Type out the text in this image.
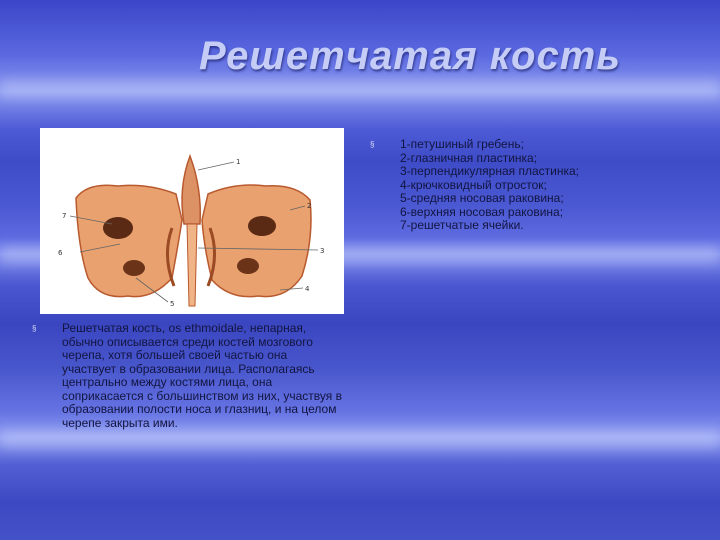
Решетчатая кость
1
2
3
4
5
6
7
§	Решетчатая кость, os ethmoidale, непарная, обычно описывается среди костей мозгового черепа, хотя большей своей частью она участвует в образовании лица. Располагаясь центрально между костями лица, она соприкасается с большинством из них, участвуя в образовании полости носа и глазниц, и на целом черепе закрыта ими.
§	1-петушиный гребень;
2-глазничная пластинка;
3-перпендикулярная пластинка;
4-крючковидный отросток;
5-средняя носовая раковина;
6-верхняя носовая раковина;
7-решетчатые ячейки.
